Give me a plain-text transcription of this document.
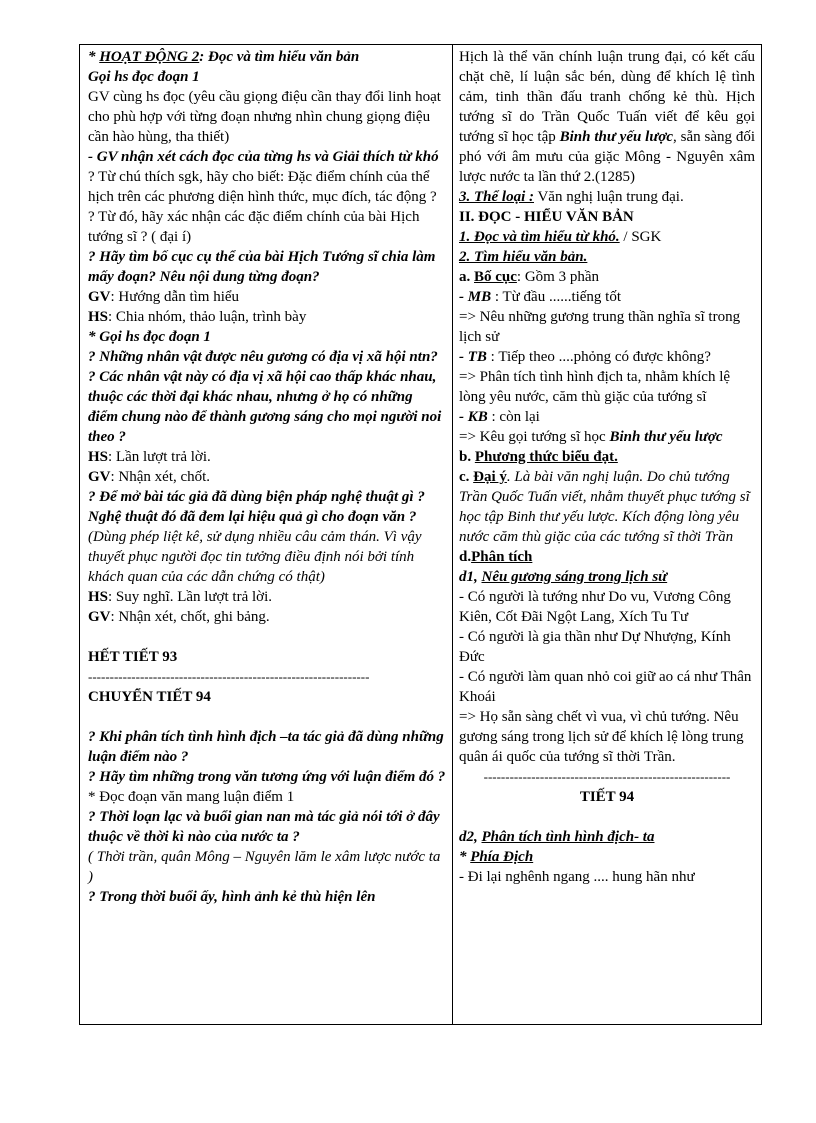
* HOẠT ĐỘNG 2: Đọc và tìm hiểu văn bản
Gọi hs đọc đoạn 1
GV cùng hs đọc (yêu cầu giọng điệu cần thay đổi linh hoạt cho phù hợp với từng đoạn nhưng nhìn chung giọng điệu cần hào hùng, tha thiết)
- GV nhận xét cách đọc của từng hs và Giải thích từ khó
? Từ chú thích sgk, hãy cho biết: Đặc điểm chính của thể hịch trên các phương diện hình thức, mục đích, tác động ?
? Từ đó, hãy xác nhận các đặc điểm chính của bài Hịch tướng sĩ ? ( đại í)
? Hãy tìm bố cục cụ thể của bài Hịch Tướng sĩ chia làm mấy đoạn? Nêu nội dung từng đoạn?
GV: Hướng dẫn tìm hiểu
HS: Chia nhóm, thảo luận, trình bày
* Gọi hs đọc đoạn 1
? Những nhân vật được nêu gương có địa vị xã hội ntn?
? Các nhân vật này có địa vị xã hội cao thấp khác nhau, thuộc các thời đại khác nhau, nhưng ở họ có những điểm chung nào để thành gương sáng cho mọi người noi theo ?
HS: Lần lượt trả lời.
GV: Nhận xét, chốt.
? Để mở bài tác giả đã dùng biện pháp nghệ thuật gì ? Nghệ thuật đó đã đem lại hiệu quả gì cho đoạn văn ?
(Dùng phép liệt kê, sử dụng nhiều câu cảm thán. Vì vậy thuyết phục người đọc tin tưởng điều định nói bởi tính khách quan của các dẫn chứng có thật)
HS: Suy nghĩ. Lần lượt trả lời.
GV: Nhận xét, chốt, ghi bảng.
HẾT TIẾT 93
-----------------------------------------------------------------
CHUYỂN TIẾT 94
? Khi phân tích tình hình địch –ta tác giả đã dùng những luận điểm nào ?
? Hãy tìm những trong văn tương ứng với luận điểm đó ?
* Đọc đoạn văn mang luận điểm 1
? Thời loạn lạc và buổi gian nan mà tác giả nói tới ở đây thuộc về thời kì nào của nước ta ?
( Thời trần, quân Mông – Nguyên lăm le xâm lược nước ta )
? Trong thời buổi ấy, hình ảnh kẻ thù hiện lên
Hịch là thể văn chính luận trung đại, có kết cấu chặt chẽ, lí luận sắc bén, dùng để khích lệ tình cảm, tinh thần đấu tranh chống kẻ thù. Hịch tướng sĩ do Trần Quốc Tuấn viết để kêu gọi tướng sĩ học tập Binh thư yếu lược, sẵn sàng đối phó với âm mưu của giặc Mông - Nguyên xâm lược nước ta lần thứ 2.(1285)
3. Thể loại : Văn nghị luận trung đại.
II. ĐỌC - HIỂU VĂN BẢN
1. Đọc và tìm hiểu từ khó. / SGK
2. Tìm hiểu văn bản.
a. Bố cục: Gồm 3 phần
- MB : Từ đầu ......tiếng tốt
=> Nêu những gương trung thần nghĩa sĩ trong lịch sử
- TB : Tiếp theo ....phỏng có được không?
=> Phân tích tình hình địch ta, nhằm khích lệ lòng yêu nước, căm thù giặc của tướng sĩ
- KB : còn lại
=> Kêu gọi tướng sĩ học Binh thư yếu lược
b. Phương thức biểu đạt.
c. Đại ý. Là bài văn nghị luận. Do chủ tướng Trần Quốc Tuấn viết, nhằm thuyết phục tướng sĩ học tập Binh thư yếu lược. Kích động lòng yêu nước căm thù giặc của các tướng sĩ thời Trần
d.Phân tích
d1, Nêu gương sáng trong lịch sử
- Có người là tướng như Do vu, Vương Công Kiên, Cốt Đãi Ngột Lang, Xích Tu Tư
- Có người là gia thần như Dự Nhượng, Kính Đức
- Có người làm quan nhỏ coi giữ ao cá như Thân Khoái
=> Họ sẵn sàng chết vì vua, vì chủ tướng. Nêu gương sáng trong lịch sử để khích lệ lòng trung quân ái quốc của tướng sĩ thời Trần.
---------------------------------------------------------
TIẾT 94
d2, Phân tích tình hình địch- ta
* Phía Địch
- Đi lại nghênh ngang .... hung hãn như
